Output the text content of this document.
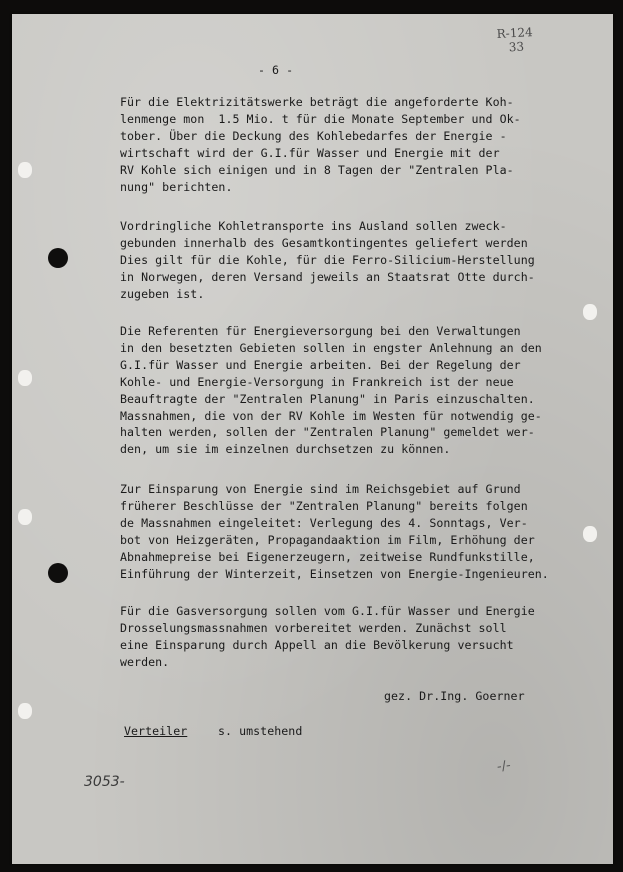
R-124
33
- 6 -
Für die Elektrizitätswerke beträgt die angeforderte Koh-
lenmenge mon  1.5 Mio. t für die Monate September und Ok-
tober. Über die Deckung des Kohlebedarfes der Energie -
wirtschaft wird der G.I.für Wasser und Energie mit der
RV Kohle sich einigen und in 8 Tagen der "Zentralen Pla-
nung" berichten.
Vordringliche Kohletransporte ins Ausland sollen zweck-
gebunden innerhalb des Gesamtkontingentes geliefert werden
Dies gilt für die Kohle, für die Ferro-Silicium-Herstellung
in Norwegen, deren Versand jeweils an Staatsrat Otte durch-
zugeben ist.
Die Referenten für Energieversorgung bei den Verwaltungen
in den besetzten Gebieten sollen in engster Anlehnung an den
G.I.für Wasser und Energie arbeiten. Bei der Regelung der
Kohle- und Energie-Versorgung in Frankreich ist der neue
Beauftragte der "Zentralen Planung" in Paris einzuschalten.
Massnahmen, die von der RV Kohle im Westen für notwendig ge-
halten werden, sollen der "Zentralen Planung" gemeldet wer-
den, um sie im einzelnen durchsetzen zu können.
Zur Einsparung von Energie sind im Reichsgebiet auf Grund
früherer Beschlüsse der "Zentralen Planung" bereits folgen
de Massnahmen eingeleitet: Verlegung des 4. Sonntags, Ver-
bot von Heizgeräten, Propagandaaktion im Film, Erhöhung der
Abnahmepreise bei Eigenerzeugern, zeitweise Rundfunkstille,
Einführung der Winterzeit, Einsetzen von Energie-Ingenieuren.
Für die Gasversorgung sollen vom G.I.für Wasser und Energie
Drosselungsmassnahmen vorbereitet werden. Zunächst soll
eine Einsparung durch Appell an die Bevölkerung versucht
werden.
gez. Dr.Ing. Goerner
Verteiler	s. umstehend
3053-
-/-
